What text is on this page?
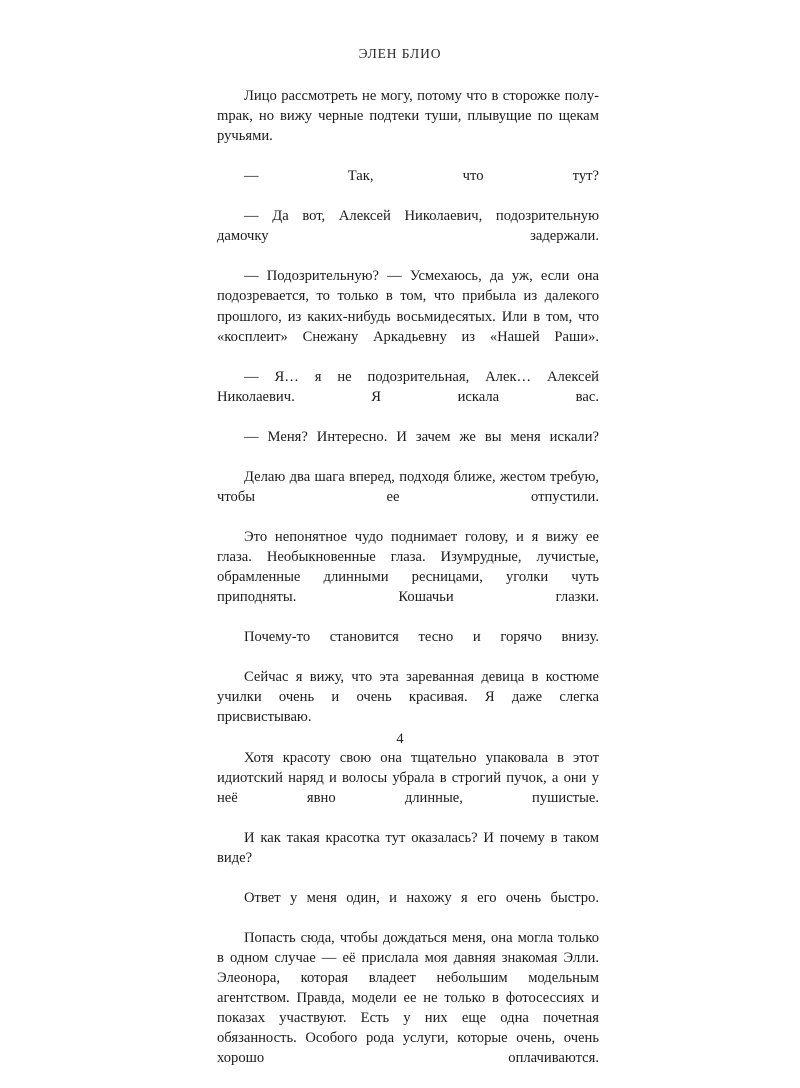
ЭЛЕН БЛИО

Лицо рассмотреть не могу, потому что в сторожке полуmрак, но вижу черные подтеки туши, плывущие по щекам ручьями.

— Так, что тут?

— Да вот, Алексей Николаевич, подозрительную дамочку задержали.

— Подозрительную? — Усмехаюсь, да уж, если она подозревается, то только в том, что прибыла из далекого прошлого, из каких-нибудь восьмидесятых. Или в том, что «косплеит» Снежану Аркадьевну из «Нашей Раши».

— Я… я не подозрительная, Алек… Алексей Николаевич. Я искала вас.

— Меня? Интересно. И зачем же вы меня искали?

Делаю два шага вперед, подходя ближе, жестом требую, чтобы ее отпустили.

Это непонятное чудо поднимает голову, и я вижу ее глаза. Необыкновенные глаза. Изумрудные, лучистые, обрамленные длинными ресницами, уголки чуть приподняты. Кошачьи глазки.

Почему-то становится тесно и горячо внизу.

Сейчас я вижу, что эта зареванная девица в костюме училки очень и очень красивая. Я даже слегка присвистываю.

Хотя красоту свою она тщательно упаковала в этот идиотский наряд и волосы убрала в строгий пучок, а они у неё явно длинные, пушистые.

И как такая красотка тут оказалась? И почему в таком виде?

Ответ у меня один, и нахожу я его очень быстро.

Попасть сюда, чтобы дождаться меня, она могла только в одном случае — её прислала моя давняя знакомая Элли. Элеонора, которая владеет небольшим модельным агентством. Правда, модели ее не только в фотосессиях и показах участвуют. Есть у них еще одна почетная обязанность. Особого рода услуги, которые очень, очень хорошо оплачиваются.

4
